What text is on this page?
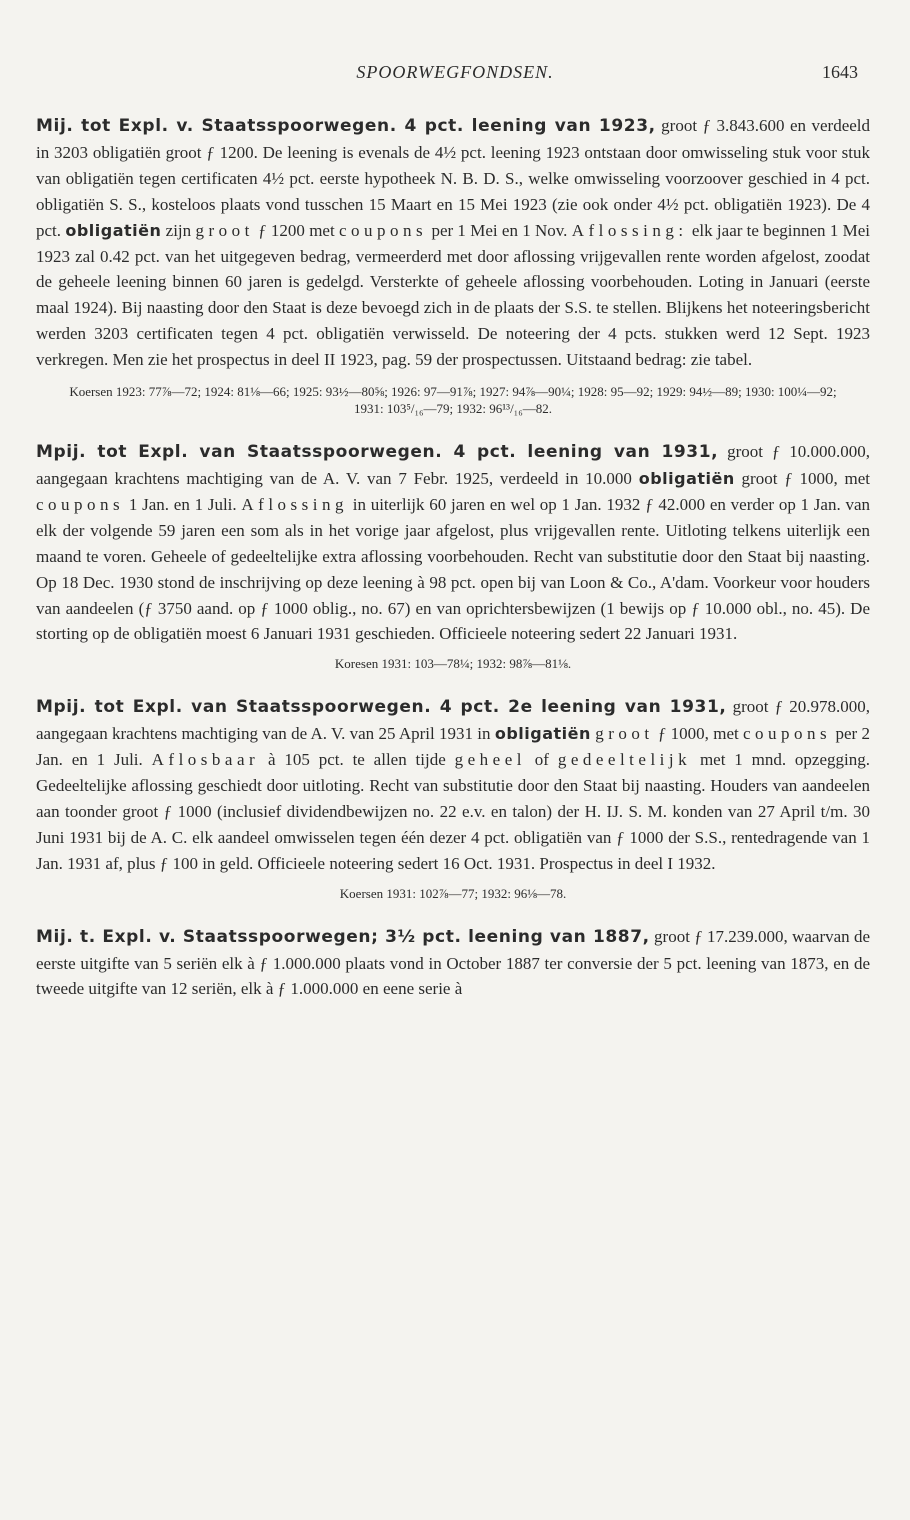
SPOORWEGFONDSEN.	1643

Mij. tot Expl. v. Staatsspoorwegen. 4 pct. leening van 1923, groot ƒ 3.843.600 en verdeeld in 3203 obligatiën groot ƒ 1200. De leening is evenals de 4½ pct. leening 1923 ontstaan door omwisseling stuk voor stuk van obligatiën tegen certificaten 4½ pct. eerste hypotheek N. B. D. S., welke omwisseling voorzoover geschied in 4 pct. obligatiën S. S., kosteloos plaats vond tusschen 15 Maart en 15 Mei 1923 (zie ook onder 4½ pct. obligatiën 1923). De 4 pct. obligatiën zijn groot ƒ 1200 met coupons per 1 Mei en 1 Nov. Aflossing: elk jaar te beginnen 1 Mei 1923 zal 0.42 pct. van het uitgegeven bedrag, vermeerderd met door aflossing vrijgevallen rente worden afgelost, zoodat de geheele leening binnen 60 jaren is gedelgd. Versterkte of geheele aflossing voorbehouden. Loting in Januari (eerste maal 1924). Bij naasting door den Staat is deze bevoegd zich in de plaats der S.S. te stellen. Blijkens het noteeringsbericht werden 3203 certificaten tegen 4 pct. obligatiën verwisseld. De noteering der 4 pcts. stukken werd 12 Sept. 1923 verkregen. Men zie het prospectus in deel II 1923, pag. 59 der prospectussen. Uitstaand bedrag: zie tabel.

Koersen 1923: 77⅞—72; 1924: 81⅛—66; 1925: 93½—80⅝; 1926: 97—91⅞; 1927: 94⅞—90¼; 1928: 95—92; 1929: 94½—89; 1930: 100¼—92; 1931: 103⁵/₁₆—79; 1932: 96¹³/₁₆—82.

Mpij. tot Expl. van Staatsspoorwegen. 4 pct. leening van 1931, groot ƒ 10.000.000, aangegaan krachtens machtiging van de A. V. van 7 Febr. 1925, verdeeld in 10.000 obligatiën groot ƒ 1000, met coupons 1 Jan. en 1 Juli. Aflossing in uiterlijk 60 jaren en wel op 1 Jan. 1932 ƒ 42.000 en verder op 1 Jan. van elk der volgende 59 jaren een som als in het vorige jaar afgelost, plus vrijgevallen rente. Uitloting telkens uiterlijk een maand te voren. Geheele of gedeeltelijke extra aflossing voorbehouden. Recht van substitutie door den Staat bij naasting. Op 18 Dec. 1930 stond de inschrijving op deze leening à 98 pct. open bij van Loon & Co., A'dam. Voorkeur voor houders van aandeelen (ƒ 3750 aand. op ƒ 1000 oblig., no. 67) en van oprichtersbewijzen (1 bewijs op ƒ 10.000 obl., no. 45). De storting op de obligatiën moest 6 Januari 1931 geschieden. Officieele noteering sedert 22 Januari 1931.

Koresen 1931: 103—78¼; 1932: 98⅞—81⅛.

Mpij. tot Expl. van Staatsspoorwegen. 4 pct. 2e leening van 1931, groot ƒ 20.978.000, aangegaan krachtens machtiging van de A. V. van 25 April 1931 in obligatiën groot ƒ 1000, met coupons per 2 Jan. en 1 Juli. Aflosbaar à 105 pct. te allen tijde geheel of gedeeltelijk met 1 mnd. opzegging. Gedeeltelijke aflossing geschiedt door uitloting. Recht van substitutie door den Staat bij naasting. Houders van aandeelen aan toonder groot ƒ 1000 (inclusief dividendbewijzen no. 22 e.v. en talon) der H. IJ. S. M. konden van 27 April t/m. 30 Juni 1931 bij de A. C. elk aandeel omwisselen tegen één dezer 4 pct. obligatiën van ƒ 1000 der S.S., rentedragende van 1 Jan. 1931 af, plus ƒ 100 in geld. Officieele noteering sedert 16 Oct. 1931. Prospectus in deel I 1932.

Koersen 1931: 102⅞—77; 1932: 96⅛—78.

Mij. t. Expl. v. Staatsspoorwegen; 3½ pct. leening van 1887, groot ƒ 17.239.000, waarvan de eerste uitgifte van 5 seriën elk à ƒ 1.000.000 plaats vond in October 1887 ter conversie der 5 pct. leening van 1873, en de tweede uitgifte van 12 seriën, elk à ƒ 1.000.000 en eene serie à
